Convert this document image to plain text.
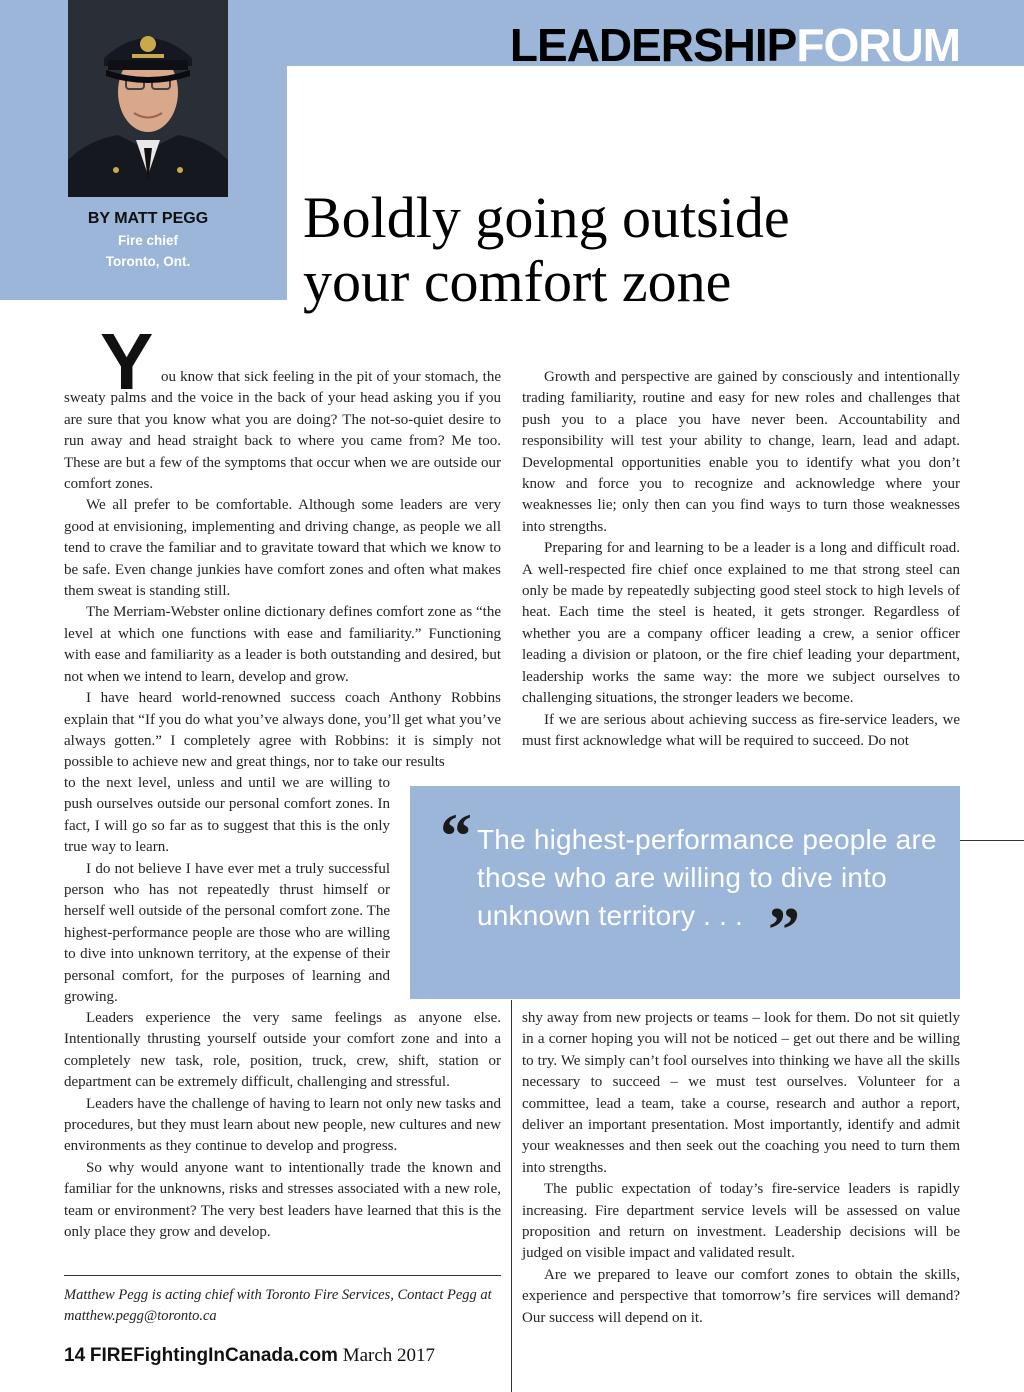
LEADERSHIPFORUM
BY MATT PEGG
Fire chief
Toronto, Ont.
Boldly going outside
your comfort zone
Y ou know that sick feeling in the pit of your stomach, the sweaty palms and the voice in the back of your head asking you if you are sure that you know what you are doing? The not-so-quiet desire to run away and head straight back to where you came from? Me too. These are but a few of the symptoms that occur when we are outside our comfort zones.

We all prefer to be comfortable. Although some leaders are very good at envisioning, implementing and driving change, as people we all tend to crave the familiar and to gravitate toward that which we know to be safe. Even change junkies have comfort zones and often what makes them sweat is standing still.

The Merriam-Webster online dictionary defines comfort zone as “the level at which one functions with ease and familiarity.” Functioning with ease and familiarity as a leader is both outstanding and desired, but not when we intend to learn, develop and grow.

I have heard world-renowned success coach Anthony Robbins explain that “If you do what you’ve always done, you’ll get what you’ve always gotten.” I completely agree with Robbins: it is simply not possible to achieve new and great things, nor to take our results

to the next level, unless and until we are willing to push ourselves outside our personal comfort zones. In fact, I will go so far as to suggest that this is the only true way to learn.

I do not believe I have ever met a truly successful person who has not repeatedly thrust himself or herself well outside of the personal comfort zone. The highest-performance people are those who are willing to dive into unknown territory, at the expense of their personal comfort, for the purposes of learning and growing.

Leaders experience the very same feelings as anyone else. Intentionally thrusting yourself outside your comfort zone and into a completely new task, role, position, truck, crew, shift, station or department can be extremely difficult, challenging and stressful.

Leaders have the challenge of having to learn not only new tasks and procedures, but they must learn about new people, new cultures and new environments as they continue to develop and progress.

So why would anyone want to intentionally trade the known and familiar for the unknowns, risks and stresses associated with a new role, team or environment? The very best leaders have learned that this is the only place they grow and develop.

Growth and perspective are gained by consciously and intentionally trading familiarity, routine and easy for new roles and challenges that push you to a place you have never been. Accountability and responsibility will test your ability to change, learn, lead and adapt. Developmental opportunities enable you to identify what you don’t know and force you to recognize and acknowledge where your weaknesses lie; only then can you find ways to turn those weaknesses into strengths.

Preparing for and learning to be a leader is a long and difficult road. A well-respected fire chief once explained to me that strong steel can only be made by repeatedly subjecting good steel stock to high levels of heat. Each time the steel is heated, it gets stronger. Regardless of whether you are a company officer leading a crew, a senior officer leading a division or platoon, or the fire chief leading your department, leadership works the same way: the more we subject ourselves to challenging situations, the stronger leaders we become.

If we are serious about achieving success as fire-service leaders, we must first acknowledge what will be required to succeed. Do not

“ The highest-performance people are those who are willing to dive into unknown territory . . . ”

shy away from new projects or teams – look for them. Do not sit quietly in a corner hoping you will not be noticed – get out there and be willing to try. We simply can’t fool ourselves into thinking we have all the skills necessary to succeed – we must test ourselves. Volunteer for a committee, lead a team, take a course, research and author a report, deliver an important presentation. Most importantly, identify and admit your weaknesses and then seek out the coaching you need to turn them into strengths.

The public expectation of today’s fire-service leaders is rapidly increasing. Fire department service levels will be assessed on value proposition and return on investment. Leadership decisions will be judged on visible impact and validated result.

Are we prepared to leave our comfort zones to obtain the skills, experience and perspective that tomorrow’s fire services will demand? Our success will depend on it.

Matthew Pegg is acting chief with Toronto Fire Services, Contact Pegg at matthew.pegg@toronto.ca
14 FIREFightingInCanada.com March 2017
